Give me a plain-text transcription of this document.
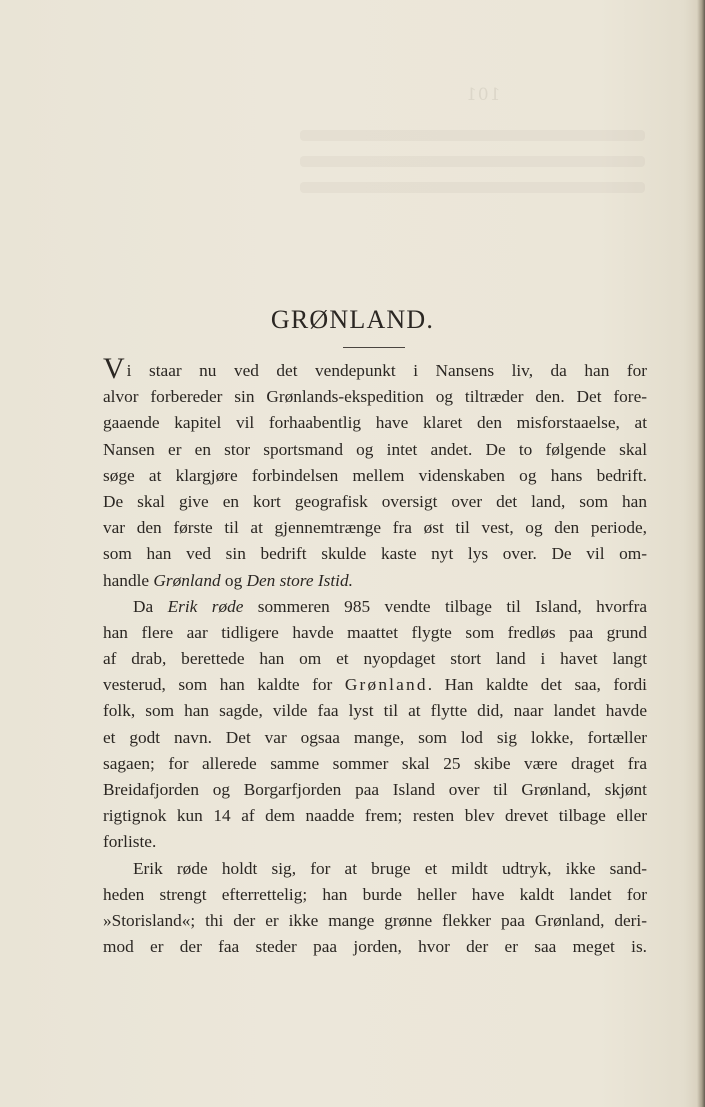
101
GRØNLAND.
Vi staar nu ved det vendepunkt i Nansens liv, da han for
alvor forbereder sin Grønlands-ekspedition og tiltræder den. Det fore-
gaaende kapitel vil forhaabentlig have klaret den misforstaaelse, at
Nansen er en stor sportsmand og intet andet. De to følgende skal
søge at klargjøre forbindelsen mellem videnskaben og hans bedrift.
De skal give en kort geografisk oversigt over det land, som han
var den første til at gjennemtrænge fra øst til vest, og den periode,
som han ved sin bedrift skulde kaste nyt lys over. De vil om-
handle Grønland og Den store Istid.
Da Erik røde sommeren 985 vendte tilbage til Island, hvorfra
han flere aar tidligere havde maattet flygte som fredløs paa grund
af drab, berettede han om et nyopdaget stort land i havet langt
vesterud, som han kaldte for Grønland. Han kaldte det saa, fordi
folk, som han sagde, vilde faa lyst til at flytte did, naar landet havde
et godt navn. Det var ogsaa mange, som lod sig lokke, fortæller
sagaen; for allerede samme sommer skal 25 skibe være draget fra
Breidafjorden og Borgarfjorden paa Island over til Grønland, skjønt
rigtignok kun 14 af dem naadde frem; resten blev drevet tilbage eller
forliste.
Erik røde holdt sig, for at bruge et mildt udtryk, ikke sand-
heden strengt efterrettelig; han burde heller have kaldt landet for
»Storisland«; thi der er ikke mange grønne flekker paa Grønland, deri-
mod er der faa steder paa jorden, hvor der er saa meget is.
